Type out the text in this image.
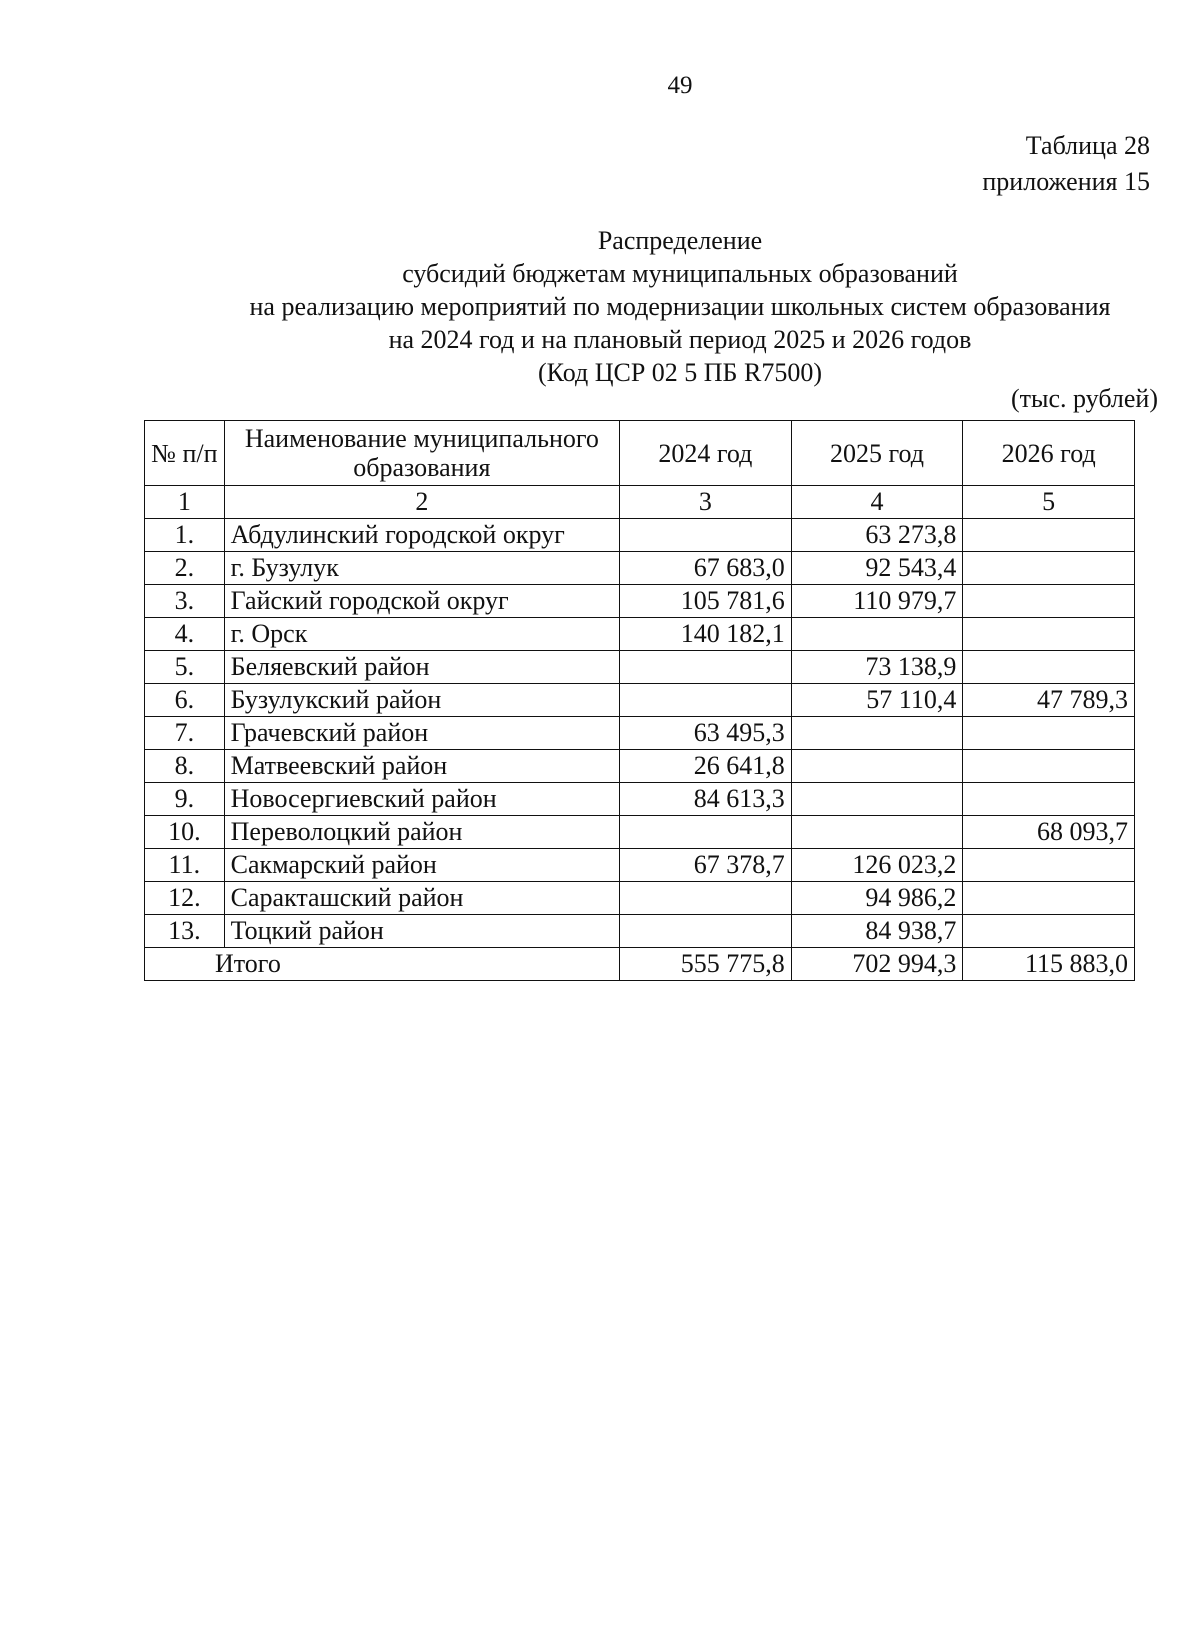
49
Таблица 28
приложения 15
Распределение
субсидий бюджетам муниципальных образований
на реализацию мероприятий по модернизации школьных систем образования
на 2024 год и на плановый период 2025 и 2026 годов
(Код ЦСР 02 5 ПБ R7500)
(тыс. рублей)
№ п/п	Наименование муниципального образования	2024 год	2025 год	2026 год
1	2	3	4	5
1.	Абдулинский городской округ		63 273,8	
2.	г. Бузулук	67 683,0	92 543,4	
3.	Гайский городской округ	105 781,6	110 979,7	
4.	г. Орск	140 182,1		
5.	Беляевский район		73 138,9	
6.	Бузулукский район		57 110,4	47 789,3
7.	Грачевский район	63 495,3		
8.	Матвеевский район	26 641,8		
9.	Новосергиевский район	84 613,3		
10.	Переволоцкий район			68 093,7
11.	Сакмарский район	67 378,7	126 023,2	
12.	Саракташский район		94 986,2	
13.	Тоцкий район		84 938,7	
Итого		555 775,8	702 994,3	115 883,0
